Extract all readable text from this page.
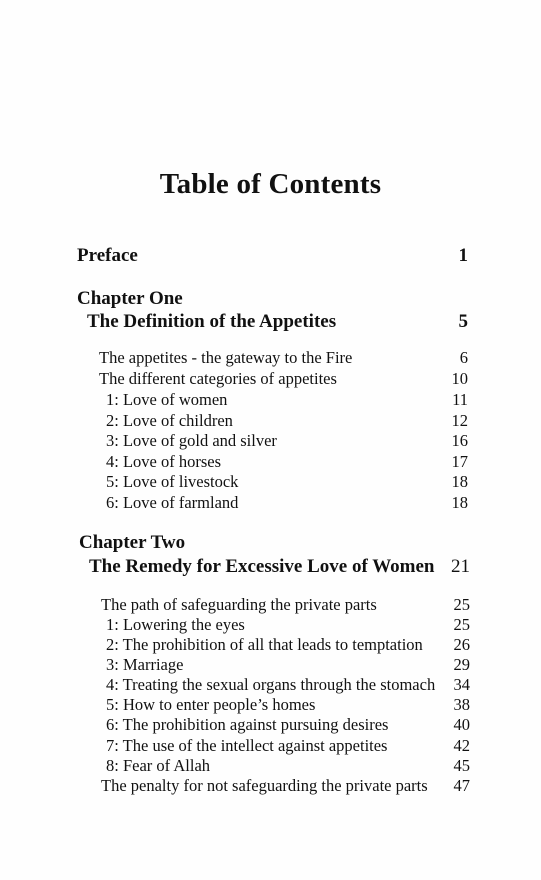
Table of Contents
Preface	1
Chapter One
The Definition of the Appetites	5
The appetites - the gateway to the Fire	6
The different categories of appetites	10
1: Love of women	11
2: Love of children	12
3: Love of gold and silver	16
4: Love of horses	17
5: Love of livestock	18
6: Love of farmland	18
Chapter Two
The Remedy for Excessive Love of Women 21
The path of safeguarding the private parts	25
1: Lowering the eyes	25
2: The prohibition of all that leads to temptation 26
3: Marriage	29
4: Treating the sexual organs through the stomach 34
5: How to enter people’s homes	38
6: The prohibition against pursuing desires	40
7: The use of the intellect against appetites	42
8: Fear of Allah	45
The penalty for not safeguarding the private parts 47
